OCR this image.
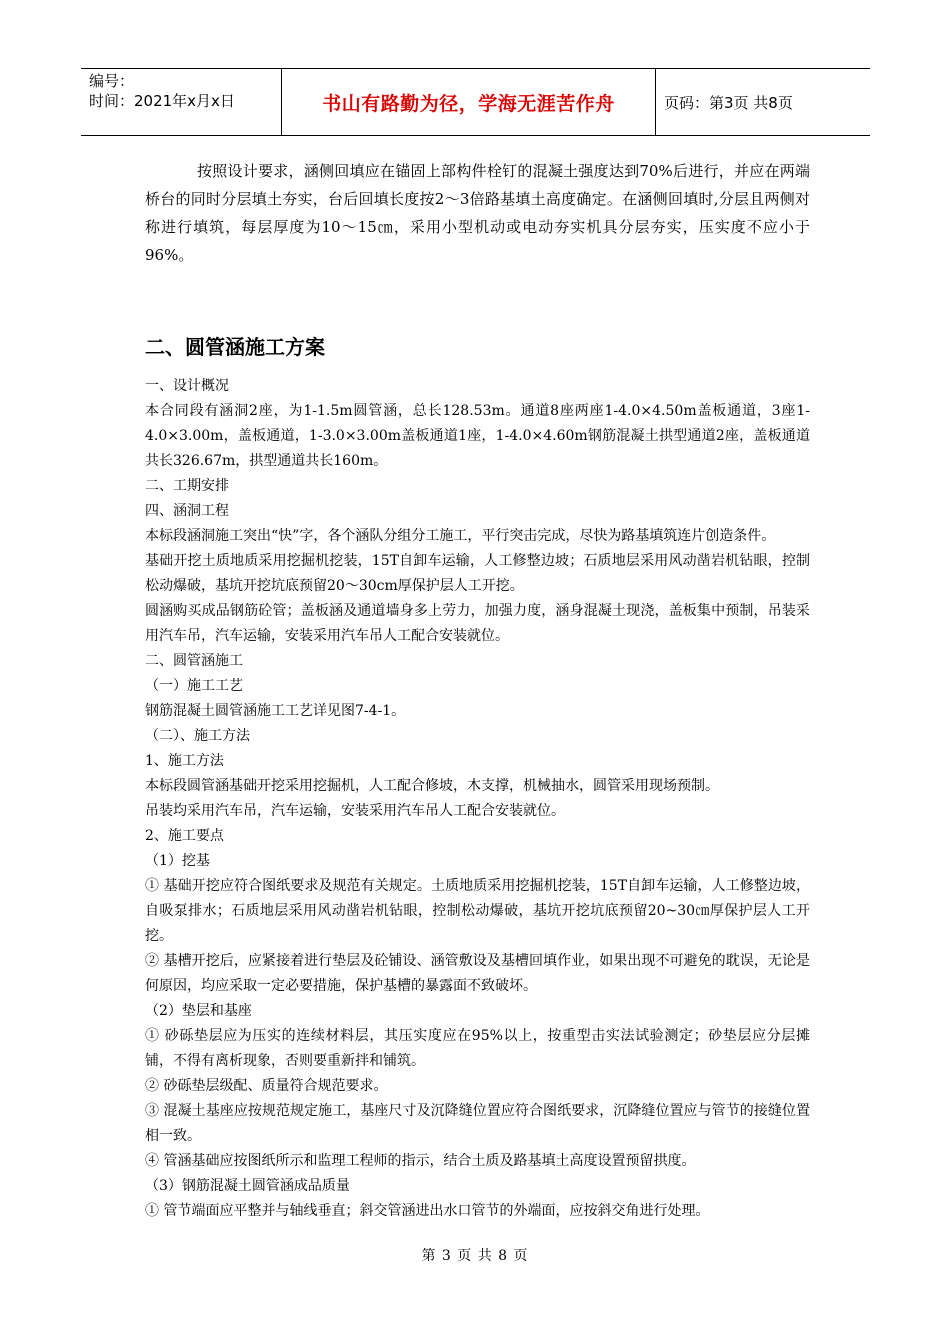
编号：
时间：2021年x月x日	书山有路勤为径，学海无涯苦作舟	页码：第3页 共8页

按照设计要求，涵侧回填应在锚固上部构件栓钉的混凝土强度达到70%后进行，并应在两端桥台的同时分层填土夯实，台后回填长度按2～3倍路基填土高度确定。在涵侧回填时,分层且两侧对称进行填筑，每层厚度为10～15㎝，采用小型机动或电动夯实机具分层夯实，压实度不应小于96%。

二、圆管涵施工方案

一、设计概况

本合同段有涵洞2座，为1-1.5m圆管涵，总长128.53m。通道8座两座1-4.0×4.50m盖板通道，3座1-4.0×3.00m，盖板通道，1-3.0×3.00m盖板通道1座，1-4.0×4.60m钢筋混凝土拱型通道2座，盖板通道共长326.67m，拱型通道共长160m。

二、工期安排

四、涵洞工程

本标段涵洞施工突出“快”字，各个涵队分组分工施工，平行突击完成，尽快为路基填筑连片创造条件。

基础开挖土质地质采用挖掘机挖装，15T自卸车运输，人工修整边坡；石质地层采用风动凿岩机钻眼，控制松动爆破，基坑开挖坑底预留20～30cm厚保护层人工开挖。

圆涵购买成品钢筋砼管；盖板涵及通道墙身多上劳力，加强力度，涵身混凝土现浇，盖板集中预制，吊装采用汽车吊，汽车运输，安装采用汽车吊人工配合安装就位。

二、圆管涵施工

（一）施工工艺

钢筋混凝土圆管涵施工工艺详见图7-4-1。

（二）、施工方法

1、施工方法

本标段圆管涵基础开挖采用挖掘机，人工配合修坡，木支撑，机械抽水，圆管采用现场预制。

吊装均采用汽车吊，汽车运输，安装采用汽车吊人工配合安装就位。

2、施工要点

（1）挖基

① 基础开挖应符合图纸要求及规范有关规定。土质地质采用挖掘机挖装，15T自卸车运输，人工修整边坡，自吸泵排水；石质地层采用风动凿岩机钻眼，控制松动爆破，基坑开挖坑底预留20~30㎝厚保护层人工开挖。

② 基槽开挖后，应紧接着进行垫层及砼铺设、涵管敷设及基槽回填作业，如果出现不可避免的耽误，无论是何原因，均应采取一定必要措施，保护基槽的暴露面不致破坏。

（2）垫层和基座

① 砂砾垫层应为压实的连续材料层，其压实度应在95%以上，按重型击实法试验测定；砂垫层应分层摊铺，不得有离析现象，否则要重新拌和铺筑。

② 砂砾垫层级配、质量符合规范要求。

③ 混凝土基座应按规范规定施工，基座尺寸及沉降缝位置应符合图纸要求，沉降缝位置应与管节的接缝位置相一致。

④ 管涵基础应按图纸所示和监理工程师的指示，结合土质及路基填土高度设置预留拱度。

（3）钢筋混凝土圆管涵成品质量

① 管节端面应平整并与轴线垂直；斜交管涵进出水口管节的外端面，应按斜交角进行处理。

第 3 页 共 8 页
